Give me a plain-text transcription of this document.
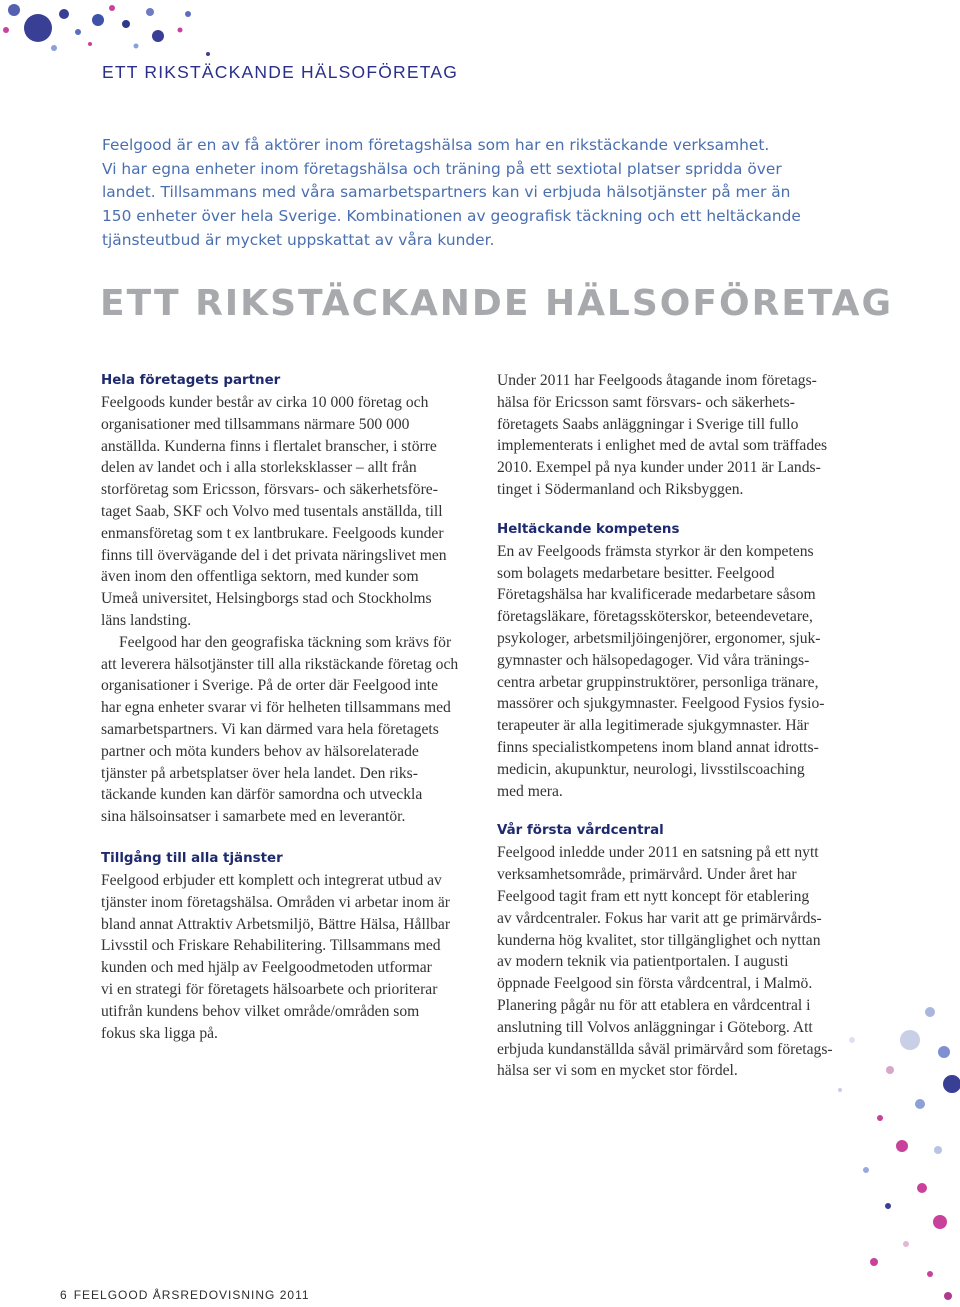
ETT RIKSTÄCKANDE HÄLSOFÖRETAG
Feelgood är en av få aktörer inom företagshälsa som har en rikstäckande verksamhet.
Vi har egna enheter inom företagshälsa och träning på ett sextiotal platser spridda över
landet. Tillsammans med våra samarbetspartners kan vi erbjuda hälsotjänster på mer än
150 enheter över hela Sverige. Kombinationen av geografisk täckning och ett heltäckande
tjänsteutbud är mycket uppskattat av våra kunder.
ETT RIKSTÄCKANDE HÄLSOFÖRETAG
Hela företagets partner
Feelgoods kunder består av cirka 10 000 företag och
organisationer med tillsammans närmare 500 000
anställda. Kunderna finns i flertalet branscher, i större
delen av landet och i alla storleksklasser – allt från
storföretag som Ericsson, försvars- och säkerhetsföre-
taget Saab, SKF och Volvo med tusentals anställda, till
enmansföretag som t ex lantbrukare. Feelgoods kunder
finns till övervägande del i det privata näringslivet men
även inom den offentliga sektorn, med kunder som
Umeå universitet, Helsingborgs stad och Stockholms
läns landsting.
Feelgood har den geografiska täckning som krävs för
att leverera hälsotjänster till alla rikstäckande företag och
organisationer i Sverige. På de orter där Feelgood inte
har egna enheter svarar vi för helheten tillsammans med
samarbetspartners. Vi kan därmed vara hela företagets
partner och möta kunders behov av hälsorelaterade
tjänster på arbetsplatser över hela landet. Den riks-
täckande kunden kan därför samordna och utveckla
sina hälsoinsatser i samarbete med en leverantör.
Tillgång till alla tjänster
Feelgood erbjuder ett komplett och integrerat utbud av
tjänster inom företagshälsa. Områden vi arbetar inom är
bland annat Attraktiv Arbetsmiljö, Bättre Hälsa, Hållbar
Livsstil och Friskare Rehabilitering. Tillsammans med
kunden och med hjälp av Feelgoodmetoden utformar
vi en strategi för företagets hälsoarbete och prioriterar
utifrån kundens behov vilket område/områden som
fokus ska ligga på.
Under 2011 har Feelgoods åtagande inom företags-
hälsa för Ericsson samt försvars- och säkerhets-
företagets Saabs anläggningar i Sverige till fullo
implementerats i enlighet med de avtal som träffades
2010. Exempel på nya kunder under 2011 är Lands-
tinget i Södermanland och Riksbyggen.
Heltäckande kompetens
En av Feelgoods främsta styrkor är den kompetens
som bolagets medarbetare besitter. Feelgood
Företagshälsa har kvalificerade medarbetare såsom
företagsläkare, företagssköterskor, beteendevetare,
psykologer, arbetsmiljöingenjörer, ergonomer, sjuk-
gymnaster och hälsopedagoger. Vid våra tränings-
centra arbetar gruppinstruktörer, personliga tränare,
massörer och sjukgymnaster. Feelgood Fysios fysio-
terapeuter är alla legitimerade sjukgymnaster. Här
finns specialistkompetens inom bland annat idrotts-
medicin, akupunktur, neurologi, livsstilscoaching
med mera.
Vår första vårdcentral
Feelgood inledde under 2011 en satsning på ett nytt
verksamhetsområde, primärvård. Under året har
Feelgood tagit fram ett nytt koncept för etablering
av vårdcentraler. Fokus har varit att ge primärvårds-
kunderna hög kvalitet, stor tillgänglighet och nyttan
av modern teknik via patientportalen. I augusti
öppnade Feelgood sin första vårdcentral, i Malmö.
Planering pågår nu för att etablera en vårdcentral i
anslutning till Volvos anläggningar i Göteborg. Att
erbjuda kundanställda såväl primärvård som företags-
hälsa ser vi som en mycket stor fördel.
6 FEELGOOD ÅRSREDOVISNING 2011
